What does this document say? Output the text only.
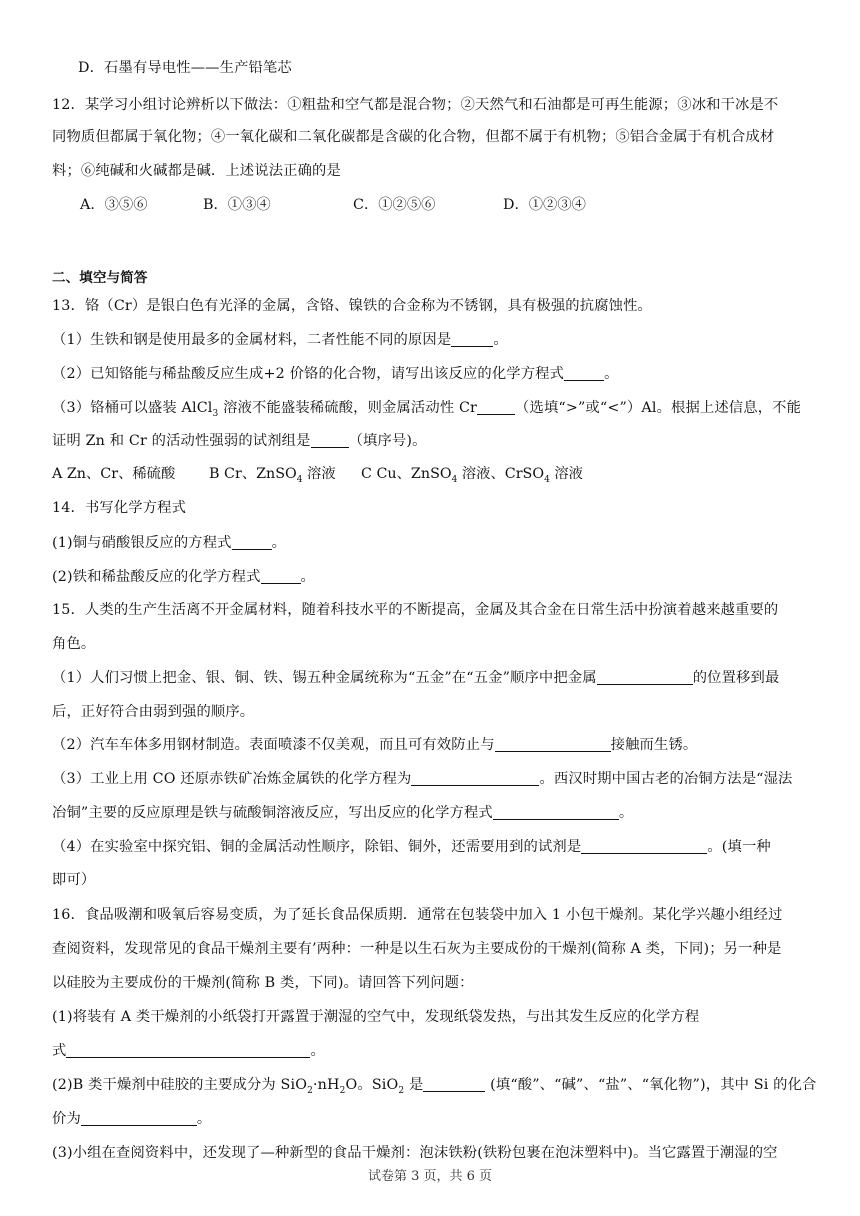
D．石墨有导电性——生产铅笔芯
12．某学习小组讨论辨析以下做法：①粗盐和空气都是混合物；②天然气和石油都是可再生能源；③冰和干冰是不
同物质但都属于氧化物；④一氧化碳和二氧化碳都是含碳的化合物，但都不属于有机物；⑤铝合金属于有机合成材
料；⑥纯碱和火碱都是碱．上述说法正确的是
A．③⑤⑥	B．①③④	C．①②⑤⑥	D．①②③④
二、填空与简答
13．铬（Cr）是银白色有光泽的金属，含铬、镍铁的合金称为不锈钢，具有极强的抗腐蚀性。
（1）生铁和钢是使用最多的金属材料，二者性能不同的原因是	。
（2）已知铬能与稀盐酸反应生成+2 价铬的化合物，请写出该反应的化学方程式	。
（3）铬桶可以盛装 AlCl$_3$ 溶液不能盛装稀硫酸，则金属活动性 Cr	（选填“>”或“<”）Al。根据上述信息，不能
证明 Zn 和 Cr 的活动性强弱的试剂组是	（填序号)。
A Zn、Cr、稀硫酸 B Cr、ZnSO$_4$ 溶液 C Cu、ZnSO$_4$ 溶液、CrSO$_4$ 溶液
14．书写化学方程式
(1)铜与硝酸银反应的方程式	。
(2)铁和稀盐酸反应的化学方程式	。
15．人类的生产生活离不开金属材料，随着科技水平的不断提高，金属及其合金在日常生活中扮演着越来越重要的
角色。
（1）人们习惯上把金、银、铜、铁、锡五种金属统称为“五金”在“五金”顺序中把金属	的位置移到最
后，正好符合由弱到强的顺序。
（2）汽车车体多用钢材制造。表面喷漆不仅美观，而且可有效防止与	接触而生锈。
（3）工业上用 CO 还原赤铁矿冶炼金属铁的化学方程为	。西汉时期中国古老的冶铜方法是“湿法
冶铜”主要的反应原理是铁与硫酸铜溶液反应，写出反应的化学方程式	。
（4）在实验室中探究铝、铜的金属活动性顺序，除铝、铜外，还需要用到的试剂是	。(填一种
即可）
16．食品吸潮和吸氧后容易变质，为了延长食品保质期．通常在包装袋中加入 1 小包干燥剂。某化学兴趣小组经过
查阅资料，发现常见的食品干燥剂主要有’两种：一种是以生石灰为主要成份的干燥剂(简称 A 类，下同)；另一种是
以硅胶为主要成份的干燥剂(简称 B 类，下同)。请回答下列问题：
(1)将装有 A 类干燥剂的小纸袋打开露置于潮湿的空气中，发现纸袋发热，与出其发生反应的化学方程
式	。
(2)B 类干燥剂中硅胶的主要成分为 $SiO_2\cdot nH_2O$。SiO$_2$ 是	(填“酸”、“碱”、“盐”、“氧化物”)，其中 Si 的化合
价为	。
(3)小组在查阅资料中，还发现了—种新型的食品干燥剂：泡沫铁粉(铁粉包裹在泡沫塑料中)。当它露置于潮湿的空
试卷第 3 页，共 6 页
